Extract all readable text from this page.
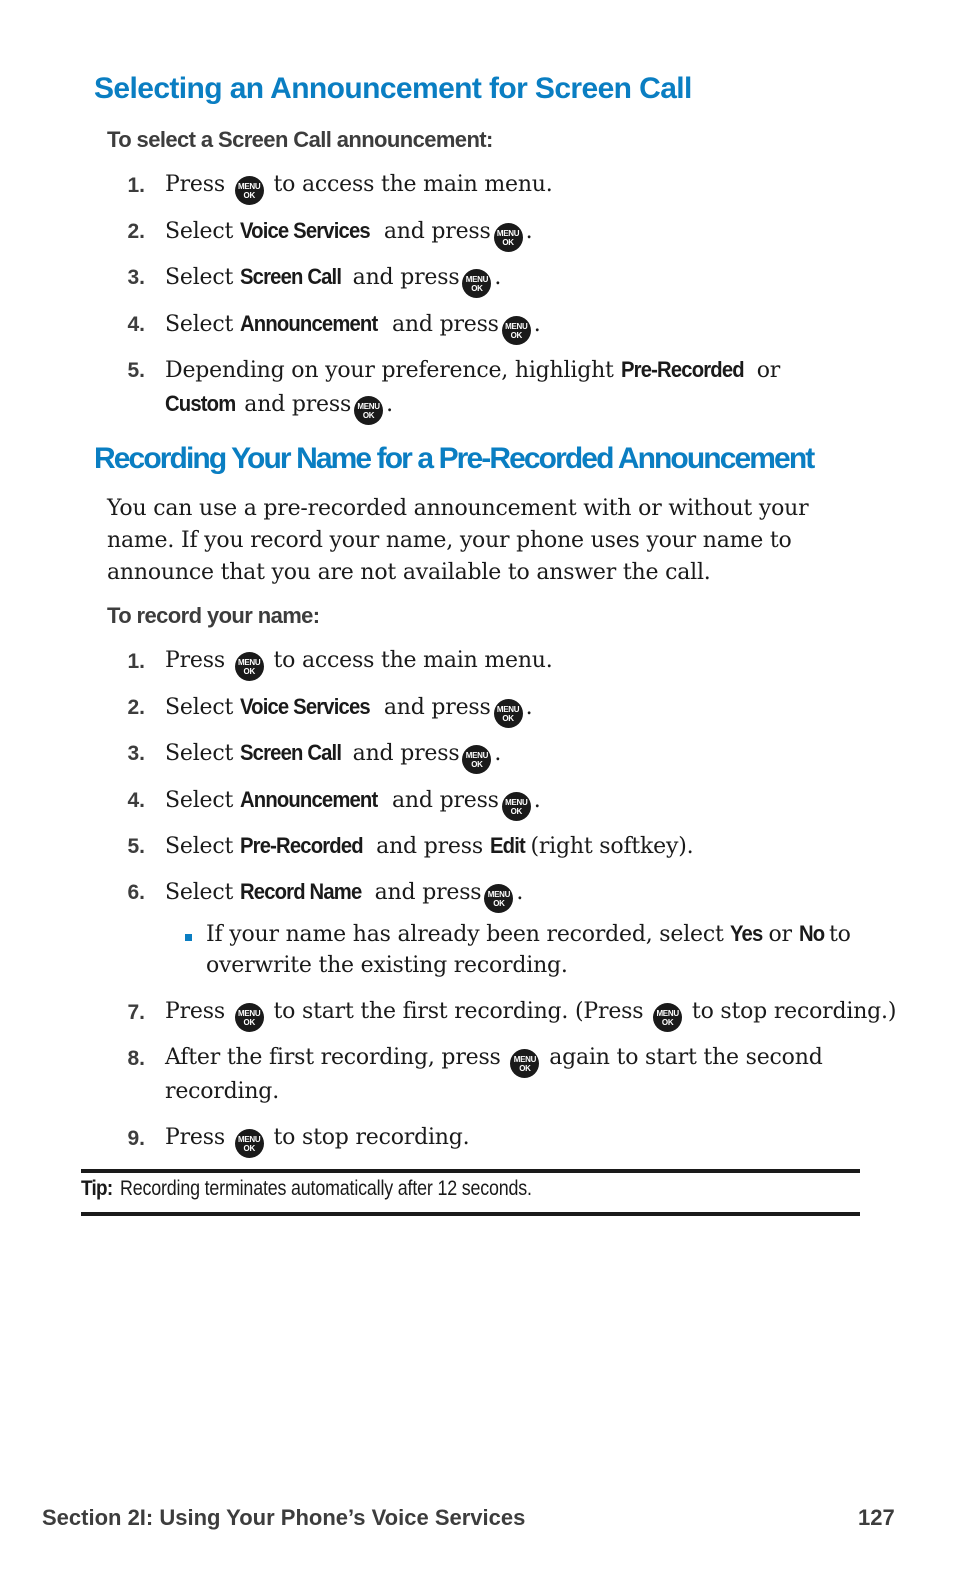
Selecting an Announcement for Screen Call
To select a Screen Call announcement:
1. Press	MENU
OK to access the main menu.
2. Select Voice Services and press MENU
OK .
3. Select Screen Call and press MENU
OK .
4. Select Announcement and press MENU
OK .
5. Depending on your preference, highlight Pre-Recorded or
Custom and press MENU
OK .
Recording Your Name for a Pre-Recorded Announcement
You can use a pre-recorded announcement with or without your
name. If you record your name, your phone uses your name to
announce that you are not available to answer the call.
To record your name:
1. Press	MENU
OK to access the main menu.
2. Select Voice Services and press MENU
OK .
3. Select Screen Call and press MENU
OK .
4. Select Announcement and press MENU
OK .
5. Select Pre-Recorded and press Edit (right softkey).
6. Select Record Name and press MENU
OK .
If your name has already been recorded, select Yes or No to
overwrite the existing recording.
7. Press	MENU
OK to start the first recording. (Press	MENU
OK to stop recording.)
8. After the first recording, press	MENU
OK again to start the second
recording.
9. Press	MENU
OK to stop recording.
Tip: Recording terminates automatically after 12 seconds.
Section 2I: Using Your Phone’s Voice Services	127
